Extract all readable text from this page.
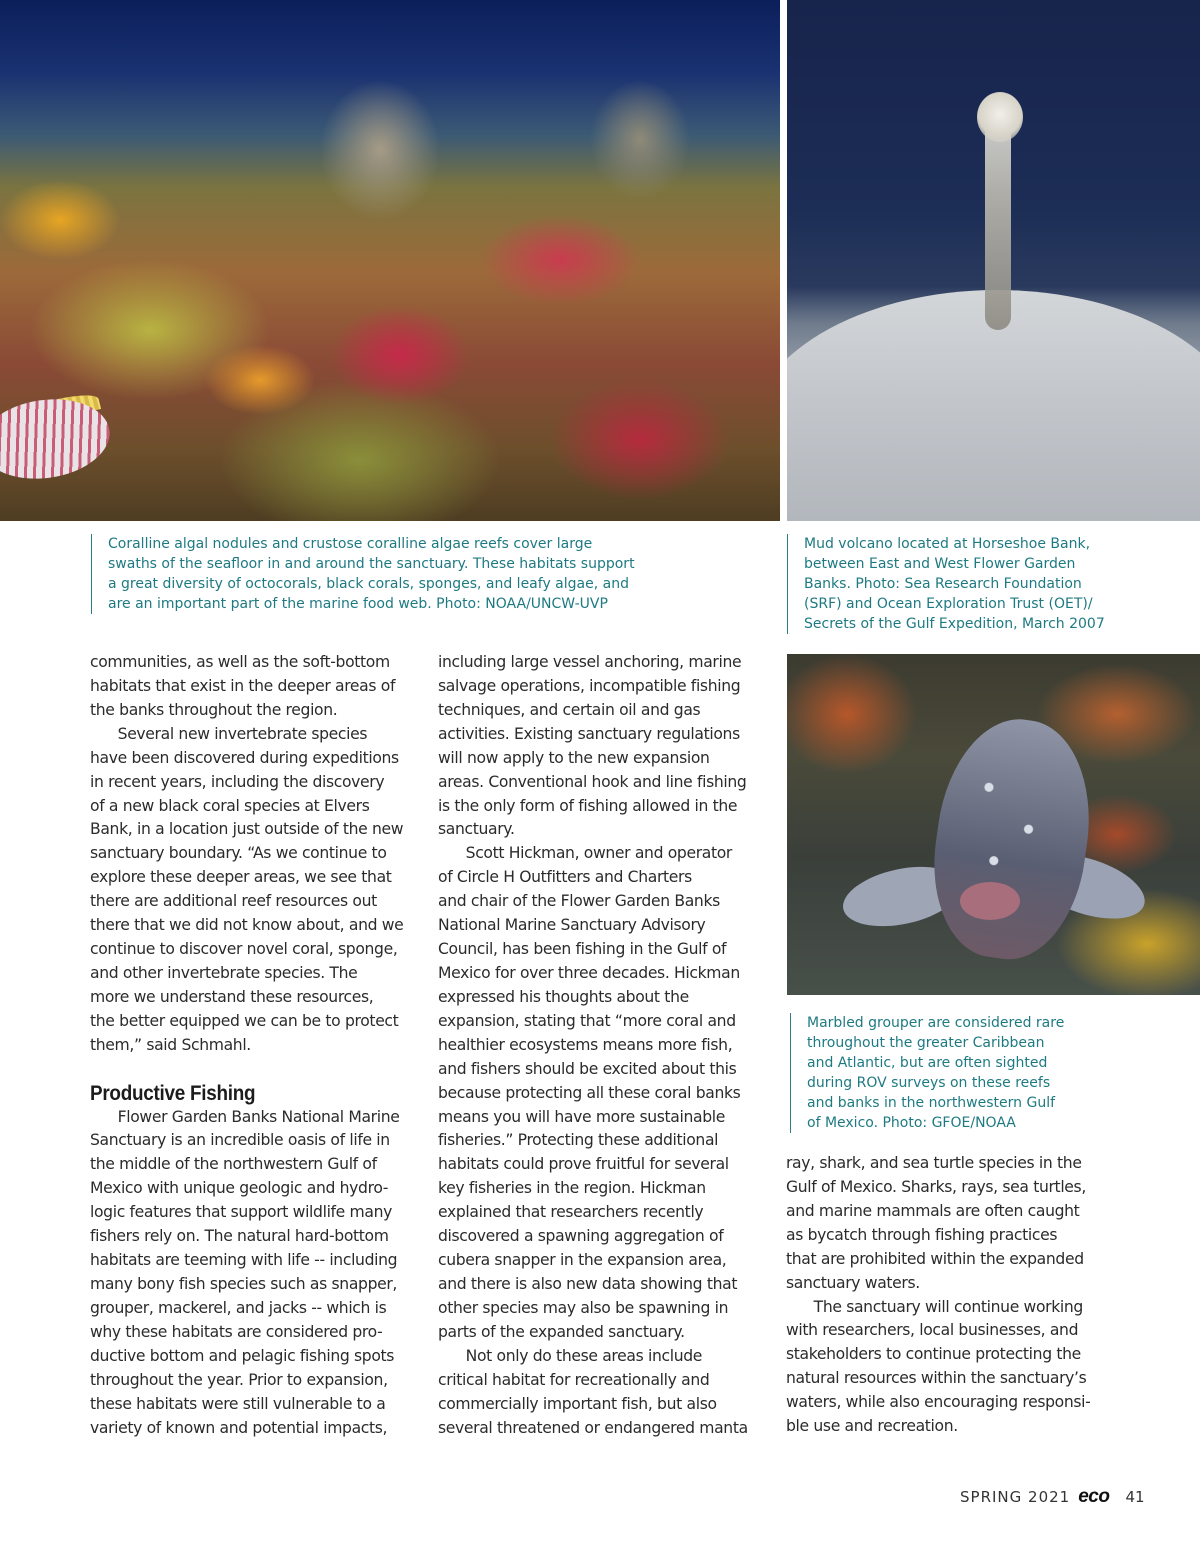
Coralline algal nodules and crustose coralline algae reefs cover large
swaths of the seafloor in and around the sanctuary. These habitats support
a great diversity of octocorals, black corals, sponges, and leafy algae, and
are an important part of the marine food web. Photo: NOAA/UNCW-UVP
Mud volcano located at Horseshoe Bank,
between East and West Flower Garden
Banks. Photo: Sea Research Foundation
(SRF) and Ocean Exploration Trust (OET)/
Secrets of the Gulf Expedition, March 2007
Marbled grouper are considered rare
throughout the greater Caribbean
and Atlantic, but are often sighted
during ROV surveys on these reefs
and banks in the northwestern Gulf
of Mexico. Photo: GFOE/NOAA
communities, as well as the soft-bottom
habitats that exist in the deeper areas of
the banks throughout the region.
Several new invertebrate species
have been discovered during expeditions
in recent years, including the discovery
of a new black coral species at Elvers
Bank, in a location just outside of the new
sanctuary boundary. “As we continue to
explore these deeper areas, we see that
there are additional reef resources out
there that we did not know about, and we
continue to discover novel coral, sponge,
and other invertebrate species. The
more we understand these resources,
the better equipped we can be to protect
them,” said Schmahl.
Productive Fishing
Flower Garden Banks National Marine
Sanctuary is an incredible oasis of life in
the middle of the northwestern Gulf of
Mexico with unique geologic and hydro-
logic features that support wildlife many
fishers rely on. The natural hard-bottom
habitats are teeming with life -- including
many bony fish species such as snapper,
grouper, mackerel, and jacks -- which is
why these habitats are considered pro-
ductive bottom and pelagic fishing spots
throughout the year. Prior to expansion,
these habitats were still vulnerable to a
variety of known and potential impacts,
including large vessel anchoring, marine
salvage operations, incompatible fishing
techniques, and certain oil and gas
activities. Existing sanctuary regulations
will now apply to the new expansion
areas. Conventional hook and line fishing
is the only form of fishing allowed in the
sanctuary.
Scott Hickman, owner and operator
of Circle H Outfitters and Charters
and chair of the Flower Garden Banks
National Marine Sanctuary Advisory
Council, has been fishing in the Gulf of
Mexico for over three decades. Hickman
expressed his thoughts about the
expansion, stating that “more coral and
healthier ecosystems means more fish,
and fishers should be excited about this
because protecting all these coral banks
means you will have more sustainable
fisheries.” Protecting these additional
habitats could prove fruitful for several
key fisheries in the region. Hickman
explained that researchers recently
discovered a spawning aggregation of
cubera snapper in the expansion area,
and there is also new data showing that
other species may also be spawning in
parts of the expanded sanctuary.
Not only do these areas include
critical habitat for recreationally and
commercially important fish, but also
several threatened or endangered manta
ray, shark, and sea turtle species in the
Gulf of Mexico. Sharks, rays, sea turtles,
and marine mammals are often caught
as bycatch through fishing practices
that are prohibited within the expanded
sanctuary waters.
The sanctuary will continue working
with researchers, local businesses, and
stakeholders to continue protecting the
natural resources within the sanctuary’s
waters, while also encouraging responsi-
ble use and recreation.
SPRING 2021 eco 41
